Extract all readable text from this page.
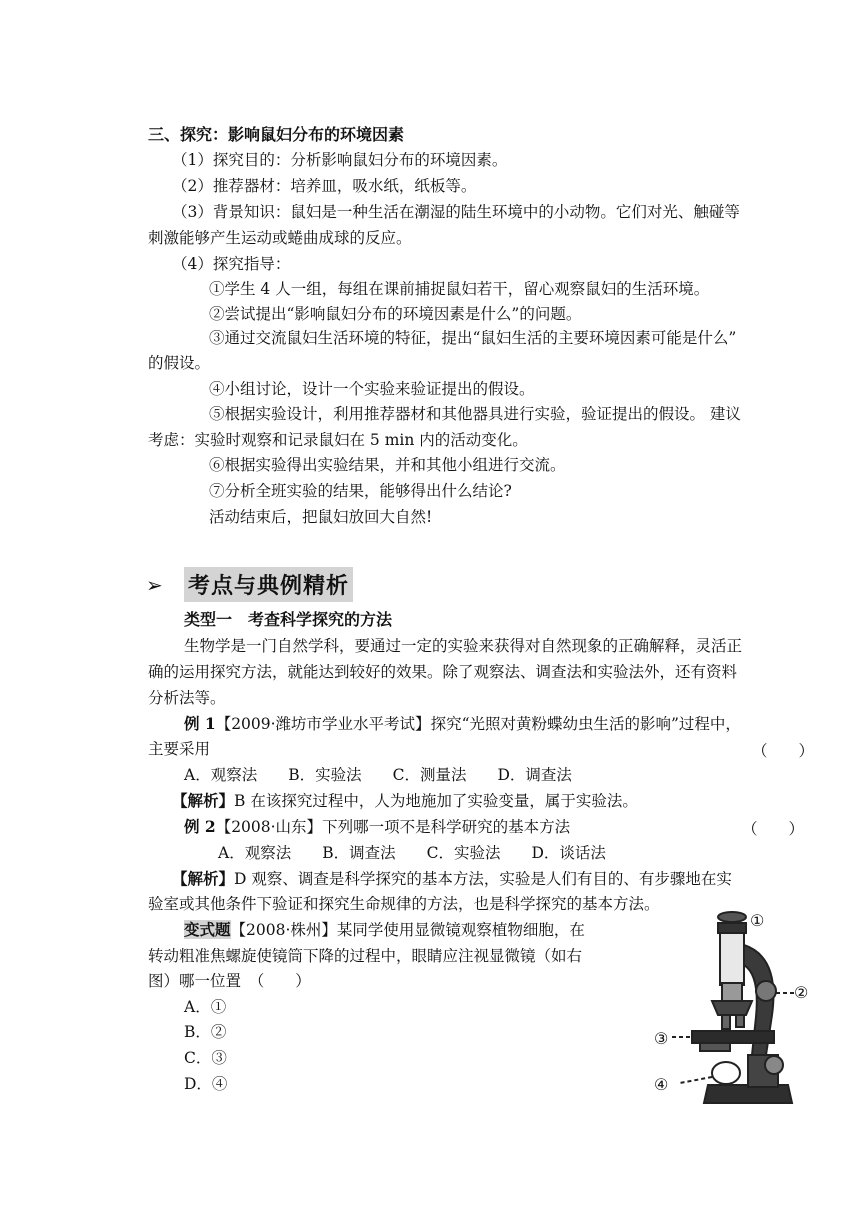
三、探究：影响鼠妇分布的环境因素
（1）探究目的：分析影响鼠妇分布的环境因素。
（2）推荐器材：培养皿，吸水纸，纸板等。
（3）背景知识：鼠妇是一种生活在潮湿的陆生环境中的小动物。它们对光、触碰等
刺激能够产生运动或蜷曲成球的反应。
（4）探究指导：
①学生 4 人一组，每组在课前捕捉鼠妇若干，留心观察鼠妇的生活环境。
②尝试提出“影响鼠妇分布的环境因素是什么”的问题。
③通过交流鼠妇生活环境的特征，提出“鼠妇生活的主要环境因素可能是什么”
的假设。
④小组讨论，设计一个实验来验证提出的假设。
⑤根据实验设计，利用推荐器材和其他器具进行实验，验证提出的假设。 建议
考虑：实验时观察和记录鼠妇在 5 min 内的活动变化。
⑥根据实验得出实验结果，并和其他小组进行交流。
⑦分析全班实验的结果，能够得出什么结论?
活动结束后，把鼠妇放回大自然!
➢	考点与典例精析
类型一　考查科学探究的方法
生物学是一门自然学科，要通过一定的实验来获得对自然现象的正确解释，灵活正
确的运用探究方法，就能达到较好的效果。除了观察法、调查法和实验法外，还有资料
分析法等。
例 1【2009·潍坊市学业水平考试】探究“光照对黄粉蝶幼虫生活的影响”过程中，
主要采用	（　　）
A．观察法　　B．实验法　　C．测量法　　D．调查法
【解析】B 在该探究过程中，人为地施加了实验变量，属于实验法。
例 2【2008·山东】下列哪一项不是科学研究的基本方法	（　　）
A．观察法　　B．调查法　　C．实验法　　D．谈话法
【解析】D 观察、调查是科学探究的基本方法，实验是人们有目的、有步骤地在实
验室或其他条件下验证和探究生命规律的方法，也是科学探究的基本方法。
变式题【2008·株州】某同学使用显微镜观察植物细胞，在
转动粗准焦螺旋使镜筒下降的过程中，眼睛应注视显微镜（如右
图）哪一位置　（　　）
A．①
B．②
C．③
D．④
①
②
③
④
